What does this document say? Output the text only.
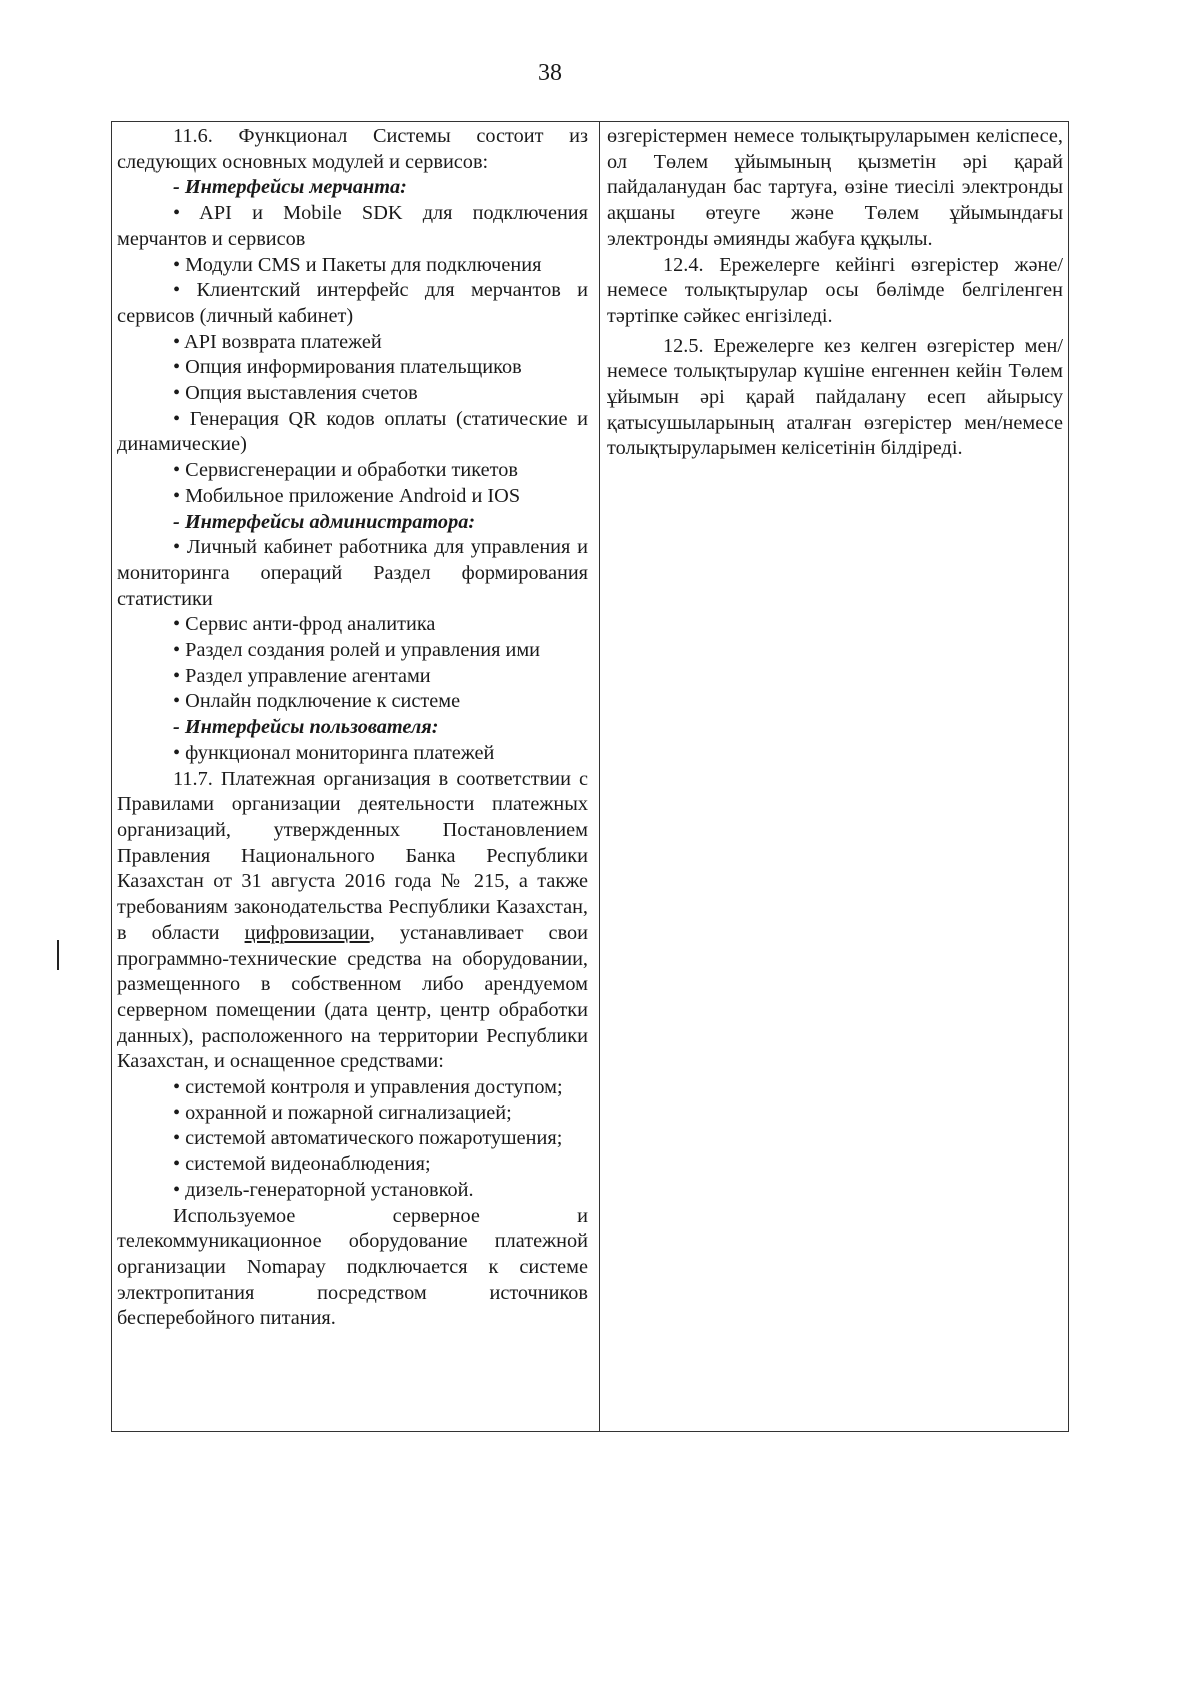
38

11.6. Функционал Системы состоит из следующих основных модулей и сервисов:

- Интерфейсы мерчанта:

• API и Mobile SDK для подключения мерчантов и сервисов

• Модули CMS и Пакеты для подключения

• Клиентский интерфейс для мерчантов и сервисов (личный кабинет)

• API возврата платежей

• Опция информирования плательщиков

• Опция выставления счетов

• Генерация QR кодов оплаты (статические и динамические)

• Сервисгенерации и обработки тикетов

• Мобильное приложение Android и IOS

- Интерфейсы администратора:

• Личный кабинет работника для управления и мониторинга операций Раздел формирования статистики

• Сервис анти-фрод аналитика

• Раздел создания ролей и управления ими

• Раздел управление агентами

• Онлайн подключение к системе

- Интерфейсы пользователя:

• функционал мониторинга платежей

11.7. Платежная организация в соответствии с Правилами организации деятельности платежных организаций, утвержденных Постановлением Правления Национального Банка Республики Казахстан от 31 августа 2016 года № 215, а также требованиям законодательства Республики Казахстан, в области цифровизации, устанавливает свои программно-технические средства на оборудовании, размещенного в собственном либо арендуемом серверном помещении (дата центр, центр обработки данных), расположенного на территории Республики Казахстан, и оснащенное средствами:

• системой контроля и управления доступом;

• охранной и пожарной сигнализацией;

• системой автоматического пожаротушения;

• системой видеонаблюдения;

• дизель-генераторной установкой.

Используемое серверное и телекоммуникационное оборудование платежной организации Nomapay подключается к системе электропитания посредством источников бесперебойного питания.

өзгерістермен немесе толықтыруларымен келіспесе, ол Төлем ұйымының қызметін әрі қарай пайдаланудан бас тартуға, өзіне тиесілі электронды ақшаны өтеуге және Төлем ұйымындағы электронды әмиянды жабуға құқылы.

12.4. Ережелерге кейінгі өзгерістер және/немесе толықтырулар осы бөлімде белгіленген тәртіпке сәйкес енгізіледі.

12.5. Ережелерге кез келген өзгерістер мен/немесе толықтырулар күшіне енгеннен кейін Төлем ұйымын әрі қарай пайдалану есеп айырысу қатысушыларының аталған өзгерістер мен/немесе толықтыруларымен келісетінін білдіреді.
